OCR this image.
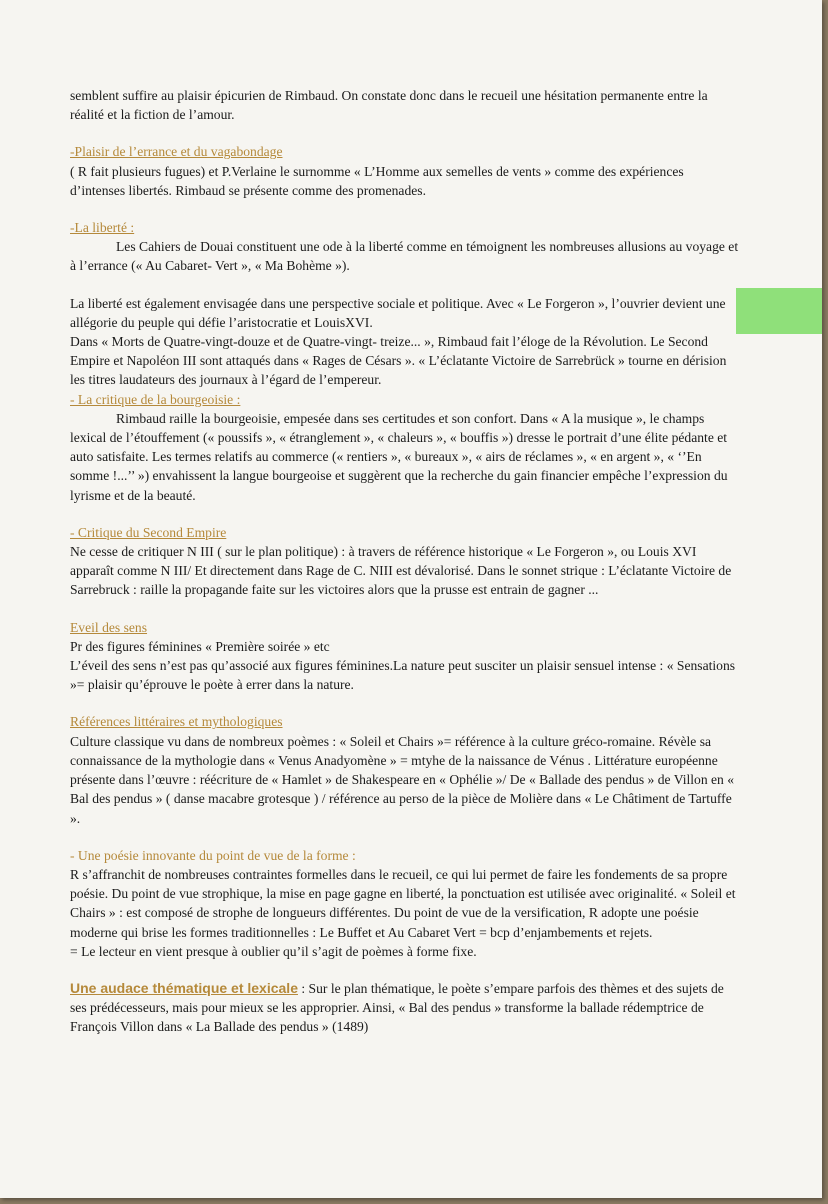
semblent suffire au plaisir épicurien de Rimbaud. On constate donc dans le recueil une hésitation permanente entre la réalité et la fiction de l’amour.

-Plaisir de l’errance et du vagabondage

( R fait plusieurs fugues) et P.Verlaine le surnomme « L’Homme aux semelles de vents » comme des expériences d’intenses libertés. Rimbaud se présente comme des promenades.

-La liberté :

Les Cahiers de Douai constituent une ode à la liberté comme en témoignent les nombreuses allusions au voyage et à l’errance (« Au Cabaret- Vert », « Ma Bohème »).

La liberté est également envisagée dans une perspective sociale et politique. Avec « Le Forgeron », l’ouvrier devient une allégorie du peuple qui défie l’aristocratie et LouisXVI.

Dans « Morts de Quatre-vingt-douze et de Quatre-vingt- treize... », Rimbaud fait l’éloge de la Révolution. Le Second Empire et Napoléon III sont attaqués dans « Rages de Césars ». « L’éclatante Victoire de Sarrebrück » tourne en dérision les titres laudateurs des journaux à l’égard de l’empereur.

- La critique de la bourgeoisie :

Rimbaud raille la bourgeoisie, empesée dans ses certitudes et son confort. Dans « A la musique », le champs lexical de l’étouffement (« poussifs », « étranglement », « chaleurs », « bouffis ») dresse le portrait d’une élite pédante et auto satisfaite. Les termes relatifs au commerce (« rentiers », « bureaux », « airs de réclames », « en argent », « ‘’En somme !...’’ ») envahissent la langue bourgeoise et suggèrent que la recherche du gain financier empêche l’expression du lyrisme et de la beauté.

- Critique du Second Empire

Ne cesse de critiquer N III ( sur le plan politique) : à travers de référence historique « Le Forgeron », ou Louis XVI apparaît comme N III/ Et directement dans Rage de C. NIII est dévalorisé. Dans le sonnet strique : L’éclatante Victoire de Sarrebruck : raille la propagande faite sur les victoires alors que la prusse est entrain de gagner ...

Eveil des sens

Pr des figures féminines « Première soirée » etc

L’éveil des sens n’est pas qu’associé aux figures féminines.La nature peut susciter un plaisir sensuel intense : « Sensations »= plaisir qu’éprouve le poète à errer dans la nature.

Références littéraires et mythologiques

Culture classique vu dans de nombreux poèmes : « Soleil et Chairs »= référence à la culture gréco-romaine. Révèle sa connaissance de la mythologie dans « Venus Anadyomène » = mtyhe de la naissance de Vénus . Littérature européenne présente dans l’œuvre : réécriture de « Hamlet » de Shakespeare en « Ophélie »/ De « Ballade des pendus » de Villon en « Bal des pendus » ( danse macabre grotesque ) / référence au perso de la pièce de Molière dans « Le Châtiment de Tartuffe ».

- Une poésie innovante du point de vue de la forme :

R s’affranchit de nombreuses contraintes formelles dans le recueil, ce qui lui permet de faire les fondements de sa propre poésie. Du point de vue strophique, la mise en page gagne en liberté, la ponctuation est utilisée avec originalité. « Soleil et Chairs » : est composé de strophe de longueurs différentes. Du point de vue de la versification, R adopte une poésie moderne qui brise les formes traditionnelles : Le Buffet et Au Cabaret Vert = bcp d’enjambements et rejets.

= Le lecteur en vient presque à oublier qu’il s’agit de poèmes à forme fixe.

Une audace thématique et lexicale : Sur le plan thématique, le poète s’empare parfois des thèmes et des sujets de ses prédécesseurs, mais pour mieux se les approprier. Ainsi, « Bal des pendus » transforme la ballade rédemptrice de François Villon dans « La Ballade des pendus » (1489)
